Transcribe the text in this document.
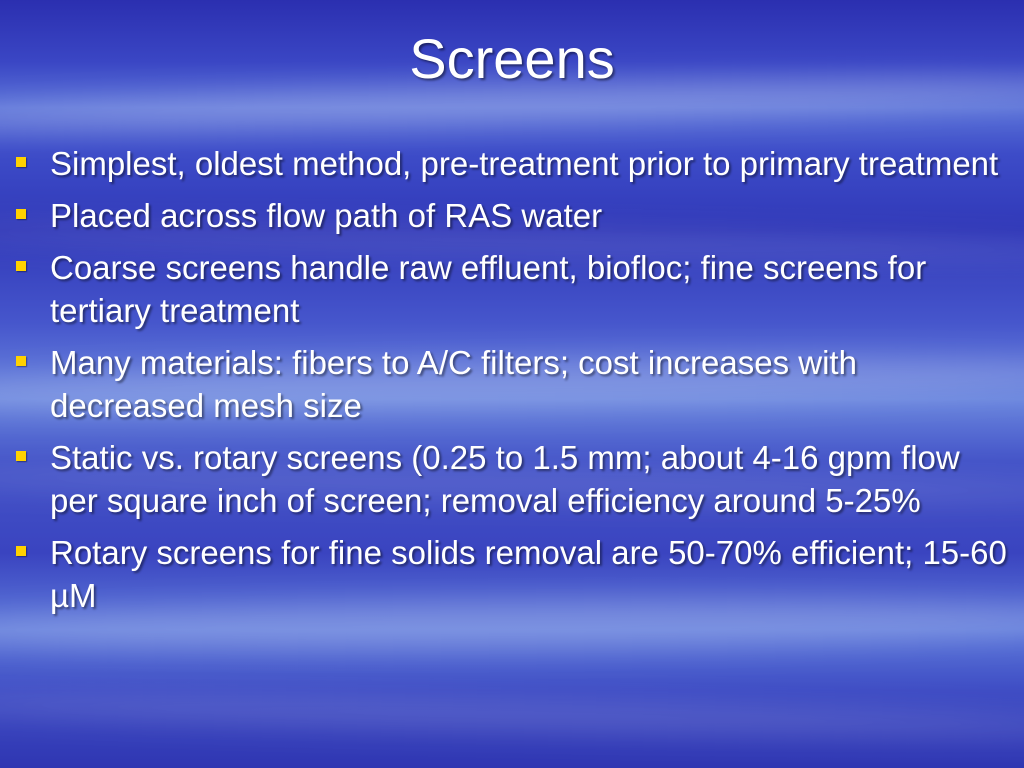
Screens
Simplest, oldest method, pre-treatment prior to primary treatment
Placed across flow path of RAS water
Coarse screens handle raw effluent, biofloc; fine screens for tertiary treatment
Many materials: fibers to A/C filters; cost increases with decreased mesh size
Static vs. rotary screens (0.25 to 1.5 mm; about 4-16 gpm flow per square inch of screen; removal efficiency around 5-25%
Rotary screens for fine solids removal are 50-70% efficient; 15-60 µM
